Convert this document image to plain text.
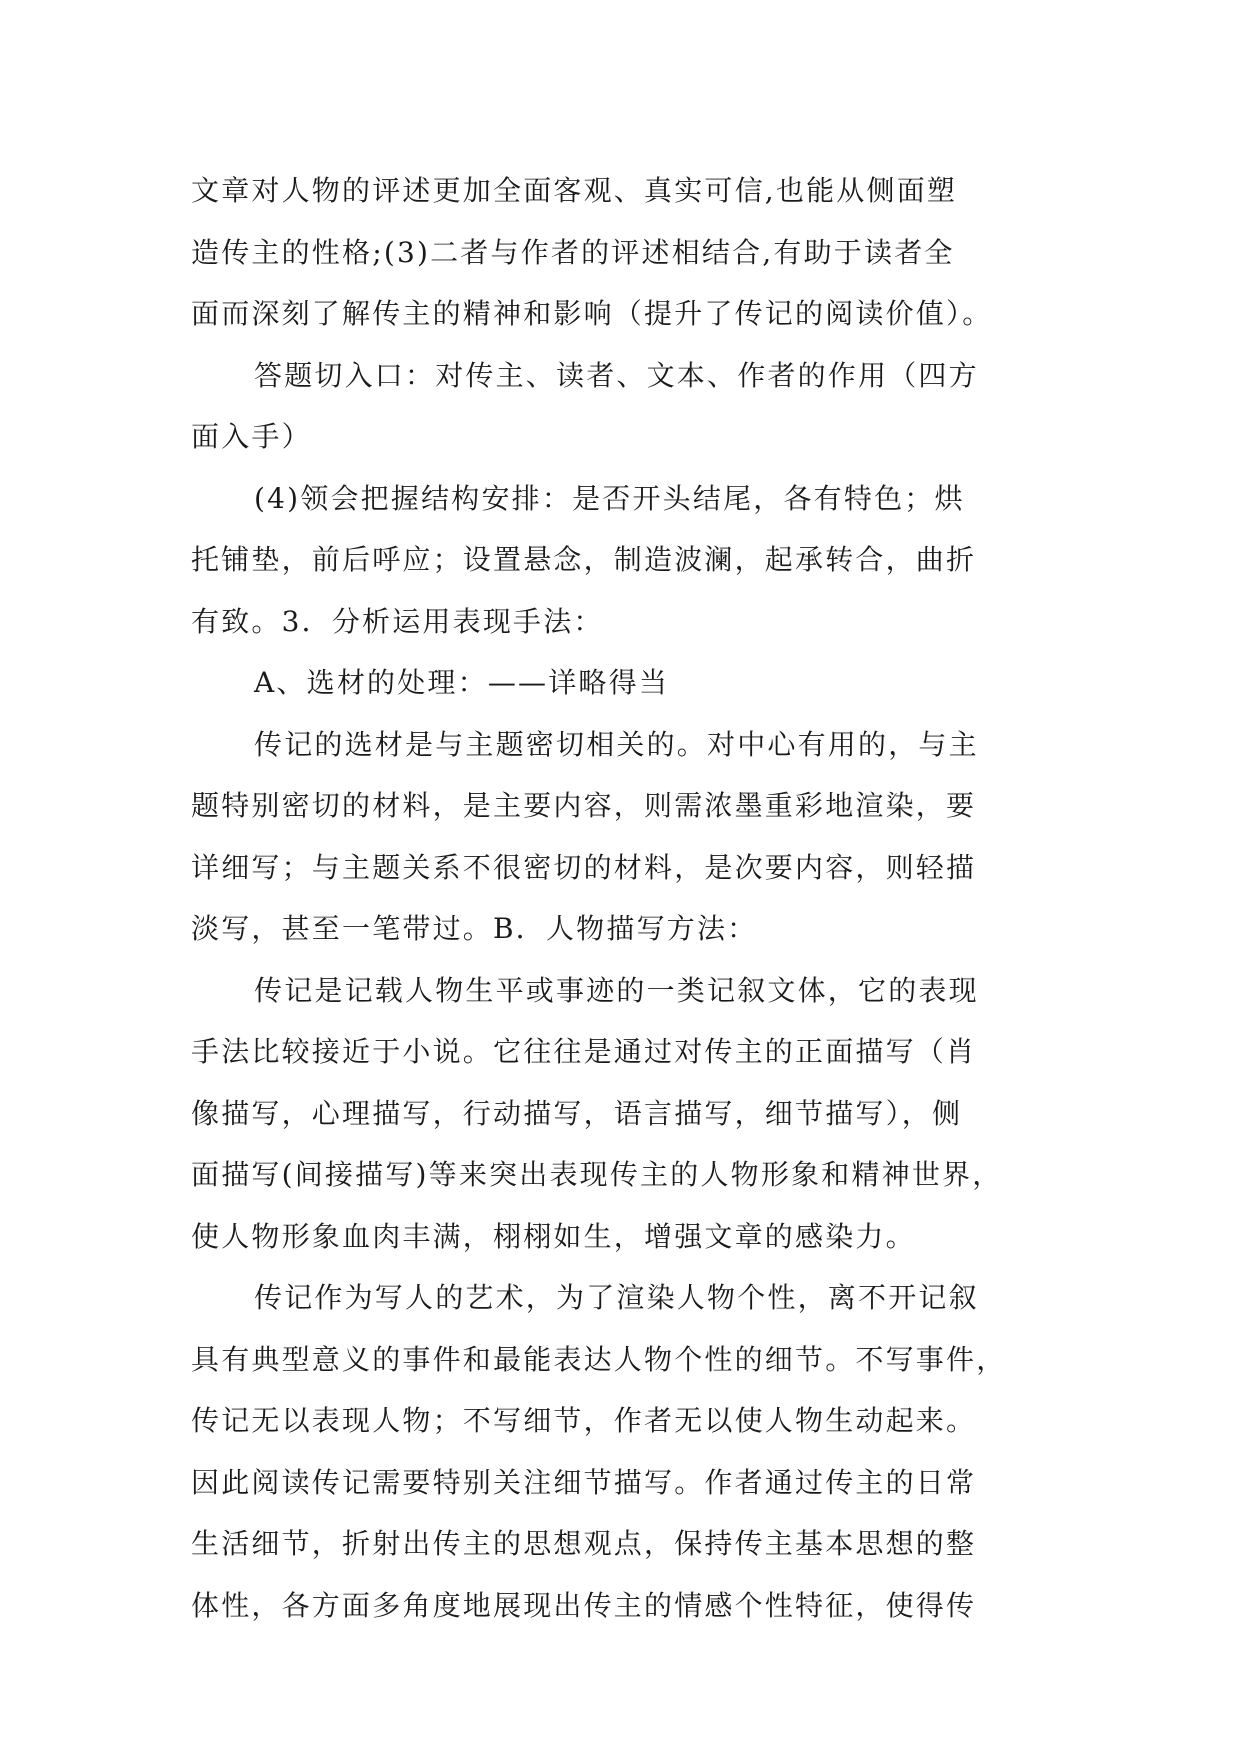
文章对人物的评述更加全面客观、真实可信,也能从侧面塑
造传主的性格;(3)二者与作者的评述相结合,有助于读者全
面而深刻了解传主的精神和影响（提升了传记的阅读价值）。
答题切入口：对传主、读者、文本、作者的作用（四方
面入手）
(4)领会把握结构安排：是否开头结尾，各有特色；烘
托铺垫，前后呼应；设置悬念，制造波澜，起承转合，曲折
有致。3．分析运用表现手法：
A、选材的处理：——详略得当
传记的选材是与主题密切相关的。对中心有用的，与主
题特别密切的材料，是主要内容，则需浓墨重彩地渲染，要
详细写；与主题关系不很密切的材料，是次要内容，则轻描
淡写，甚至一笔带过。B．人物描写方法：
传记是记载人物生平或事迹的一类记叙文体，它的表现
手法比较接近于小说。它往往是通过对传主的正面描写（肖
像描写，心理描写，行动描写，语言描写，细节描写），侧
面描写(间接描写)等来突出表现传主的人物形象和精神世界，
使人物形象血肉丰满，栩栩如生，增强文章的感染力。
传记作为写人的艺术，为了渲染人物个性，离不开记叙
具有典型意义的事件和最能表达人物个性的细节。不写事件，
传记无以表现人物；不写细节，作者无以使人物生动起来。
因此阅读传记需要特别关注细节描写。作者通过传主的日常
生活细节，折射出传主的思想观点，保持传主基本思想的整
体性，各方面多角度地展现出传主的情感个性特征，使得传
